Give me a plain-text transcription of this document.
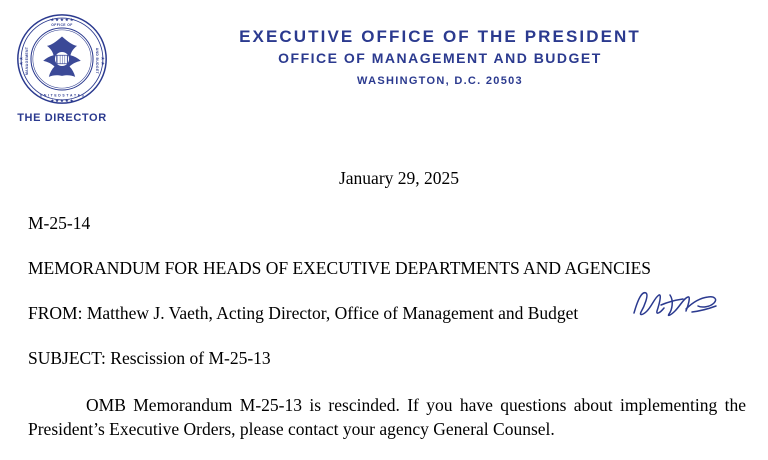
★ ★ ★ ★ ★
★ ★ ★ ★ ★
★ ★	★ ★
OFFICE OF
U N I T E D S T A T E S
MANAGEMENT	AND BUDGET
THE DIRECTOR
EXECUTIVE OFFICE OF THE PRESIDENT
OFFICE OF MANAGEMENT AND BUDGET
WASHINGTON, D.C. 20503
January 29, 2025
M-25-14
MEMORANDUM FOR HEADS OF EXECUTIVE DEPARTMENTS AND AGENCIES
FROM: Matthew J. Vaeth, Acting Director, Office of Management and Budget
SUBJECT: Rescission of M-25-13
OMB Memorandum M-25-13 is rescinded. If you have questions about implementing the President’s Executive Orders, please contact your agency General Counsel.
